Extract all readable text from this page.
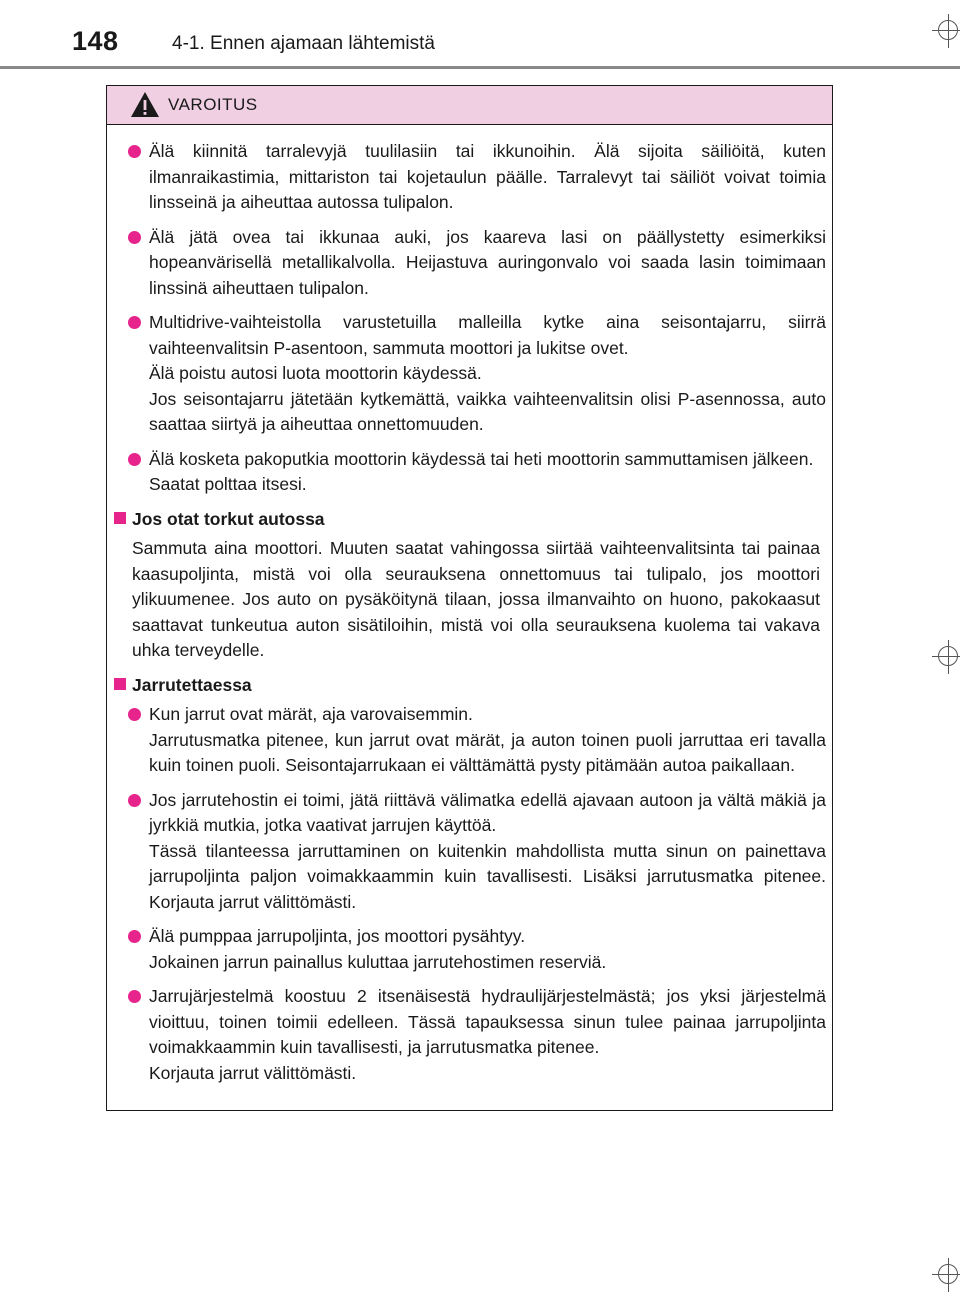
148	4-1. Ennen ajamaan lähtemistä
VAROITUS
Älä kiinnitä tarralevyjä tuulilasiin tai ikkunoihin. Älä sijoita säiliöitä, kuten ilmanraikastimia, mittariston tai kojetaulun päälle. Tarralevyt tai säiliöt voivat toimia linsseinä ja aiheuttaa autossa tulipalon.
Älä jätä ovea tai ikkunaa auki, jos kaareva lasi on päällystetty esimerkiksi hopeanvärisellä metallikalvolla. Heijastuva auringonvalo voi saada lasin toimimaan linssinä aiheuttaen tulipalon.
Multidrive-vaihteistolla varustetuilla malleilla kytke aina seisontajarru, siirrä vaihteenvalitsin P-asentoon, sammuta moottori ja lukitse ovet.
Älä poistu autosi luota moottorin käydessä.
Jos seisontajarru jätetään kytkemättä, vaikka vaihteenvalitsin olisi P-asennossa, auto saattaa siirtyä ja aiheuttaa onnettomuuden.
Älä kosketa pakoputkia moottorin käydessä tai heti moottorin sammuttamisen jälkeen.
Saatat polttaa itsesi.
Jos otat torkut autossa
Sammuta aina moottori. Muuten saatat vahingossa siirtää vaihteenvalitsinta tai painaa kaasupoljinta, mistä voi olla seurauksena onnettomuus tai tulipalo, jos moottori ylikuumenee. Jos auto on pysäköitynä tilaan, jossa ilmanvaihto on huono, pakokaasut saattavat tunkeutua auton sisätiloihin, mistä voi olla seurauksena kuolema tai vakava uhka terveydelle.
Jarrutettaessa
Kun jarrut ovat märät, aja varovaisemmin.
Jarrutusmatka pitenee, kun jarrut ovat märät, ja auton toinen puoli jarruttaa eri tavalla kuin toinen puoli. Seisontajarrukaan ei välttämättä pysty pitämään autoa paikallaan.
Jos jarrutehostin ei toimi, jätä riittävä välimatka edellä ajavaan autoon ja vältä mäkiä ja jyrkkiä mutkia, jotka vaativat jarrujen käyttöä.
Tässä tilanteessa jarruttaminen on kuitenkin mahdollista mutta sinun on painettava jarrupoljinta paljon voimakkaammin kuin tavallisesti. Lisäksi jarrutusmatka pitenee. Korjauta jarrut välittömästi.
Älä pumppaa jarrupoljinta, jos moottori pysähtyy.
Jokainen jarrun painallus kuluttaa jarrutehostimen reserviä.
Jarrujärjestelmä koostuu 2 itsenäisestä hydraulijärjestelmästä; jos yksi järjestelmä vioittuu, toinen toimii edelleen. Tässä tapauksessa sinun tulee painaa jarrupoljinta voimakkaammin kuin tavallisesti, ja jarrutusmatka pitenee.
Korjauta jarrut välittömästi.
